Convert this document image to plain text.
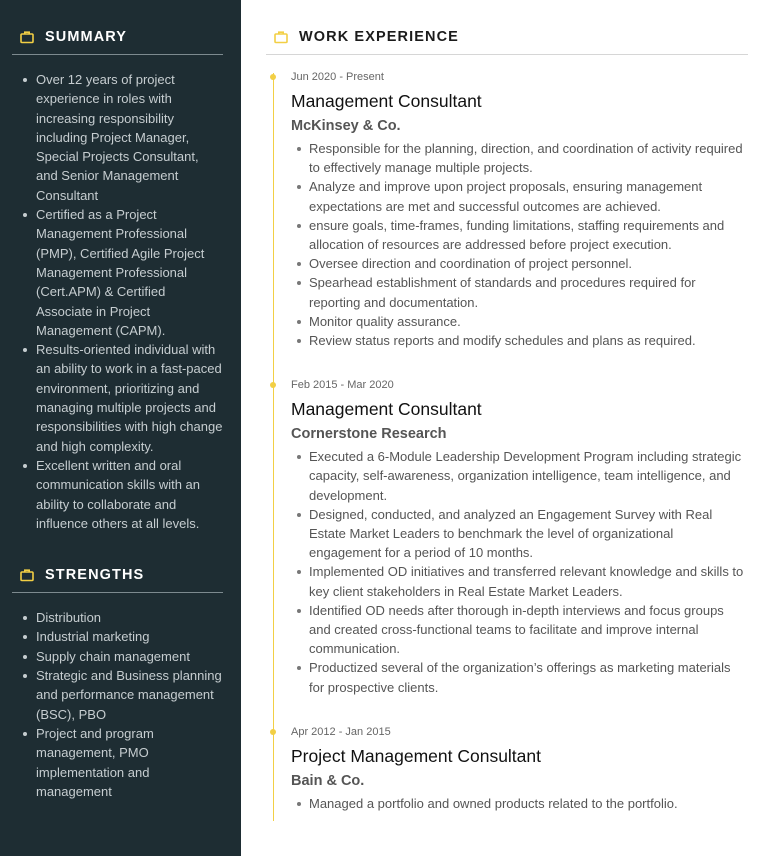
SUMMARY
Over 12 years of project experience in roles with increasing responsibility including Project Manager, Special Projects Consultant, and Senior Management Consultant
Certified as a Project Management Professional (PMP), Certified Agile Project Management Professional (Cert.APM) & Certified Associate in Project Management (CAPM).
Results-oriented individual with an ability to work in a fast-paced environment, prioritizing and managing multiple projects and responsibilities with high change and high complexity.
Excellent written and oral communication skills with an ability to collaborate and influence others at all levels.
STRENGTHS
Distribution
Industrial marketing
Supply chain management
Strategic and Business planning and performance management (BSC), PBO
Project and program management, PMO implementation and management
WORK EXPERIENCE
Jun 2020 - Present
Management Consultant
McKinsey & Co.
Responsible for the planning, direction, and coordination of activity required to effectively manage multiple projects.
Analyze and improve upon project proposals, ensuring management expectations are met and successful outcomes are achieved.
ensure goals, time-frames, funding limitations, staffing requirements and allocation of resources are addressed before project execution.
Oversee direction and coordination of project personnel.
Spearhead establishment of standards and procedures required for reporting and documentation.
Monitor quality assurance.
Review status reports and modify schedules and plans as required.
Feb 2015 - Mar 2020
Management Consultant
Cornerstone Research
Executed a 6-Module Leadership Development Program including strategic capacity, self-awareness, organization intelligence, team intelligence, and development.
Designed, conducted, and analyzed an Engagement Survey with Real Estate Market Leaders to benchmark the level of organizational engagement for a period of 10 months.
Implemented OD initiatives and transferred relevant knowledge and skills to key client stakeholders in Real Estate Market Leaders.
Identified OD needs after thorough in-depth interviews and focus groups and created cross-functional teams to facilitate and improve internal communication.
Productized several of the organization’s offerings as marketing materials for prospective clients.
Apr 2012 - Jan 2015
Project Management Consultant
Bain & Co.
Managed a portfolio and owned products related to the portfolio.
